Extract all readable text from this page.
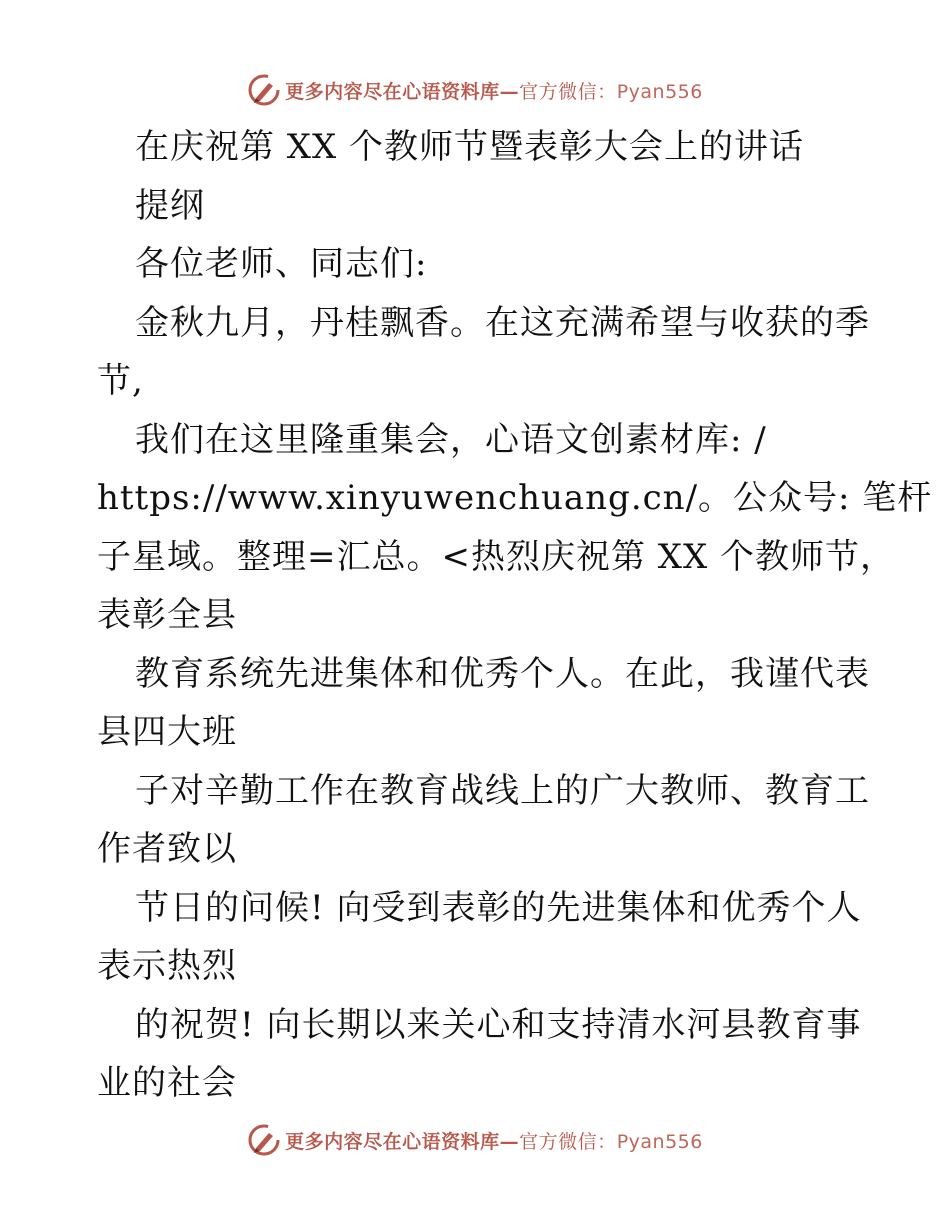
更多内容尽在心语资料库—官方微信：Pyan556
在庆祝第 XX 个教师节暨表彰大会上的讲话
提纲
各位老师、同志们:
金秋九月，丹桂飘香。在这充满希望与收获的季
节,
我们在这里隆重集会，心语文创素材库: /
https://www.xinyuwenchuang.cn/。公众号: 笔杆
子星域。整理=汇总。<热烈庆祝第 XX 个教师节，
表彰全县
教育系统先进集体和优秀个人。在此，我谨代表
县四大班
子对辛勤工作在教育战线上的广大教师、教育工
作者致以
节日的问候! 向受到表彰的先进集体和优秀个人
表示热烈
的祝贺! 向长期以来关心和支持清水河县教育事
业的社会
更多内容尽在心语资料库—官方微信：Pyan556
